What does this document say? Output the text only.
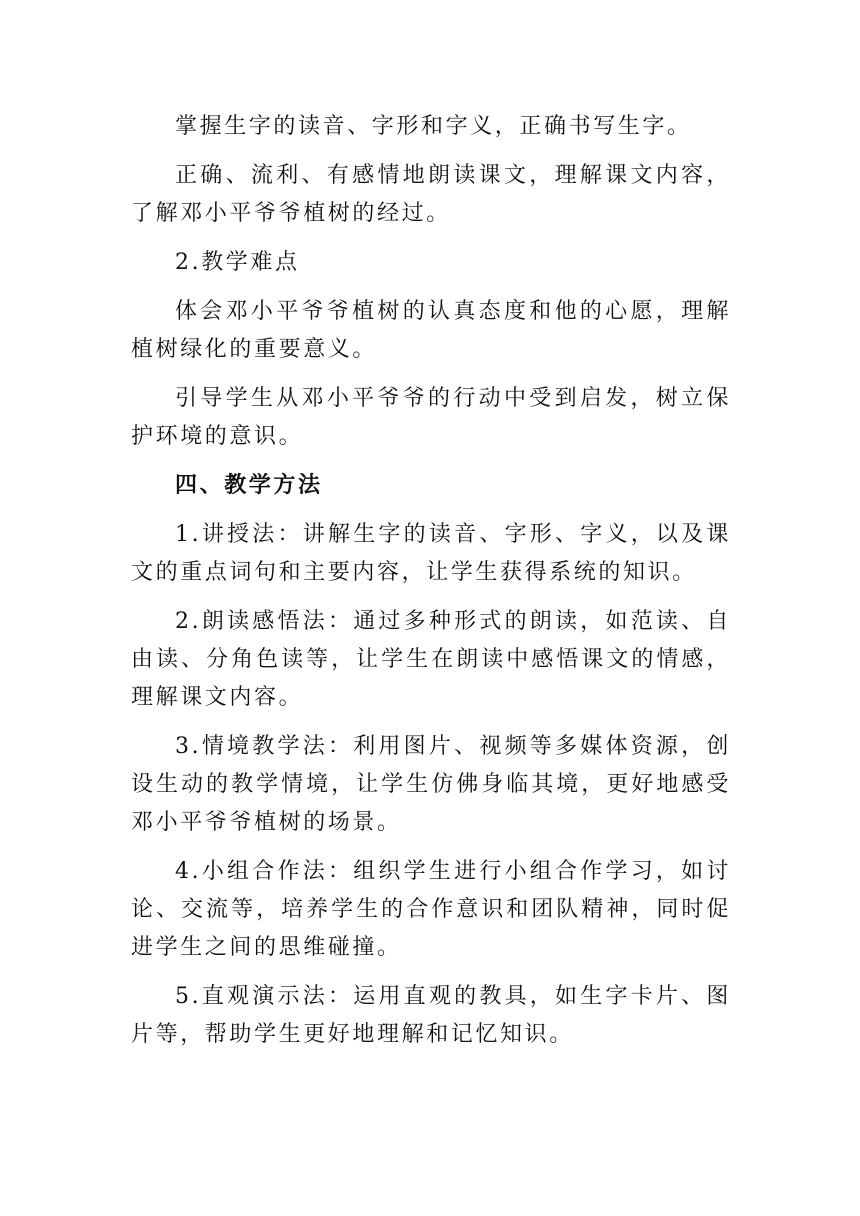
掌握生字的读音、字形和字义，正确书写生字。

正确、流利、有感情地朗读课文，理解课文内容，了解邓小平爷爷植树的经过。

2.教学难点

体会邓小平爷爷植树的认真态度和他的心愿，理解植树绿化的重要意义。

引导学生从邓小平爷爷的行动中受到启发，树立保护环境的意识。

四、教学方法

1.讲授法：讲解生字的读音、字形、字义，以及课文的重点词句和主要内容，让学生获得系统的知识。

2.朗读感悟法：通过多种形式的朗读，如范读、自由读、分角色读等，让学生在朗读中感悟课文的情感，理解课文内容。

3.情境教学法：利用图片、视频等多媒体资源，创设生动的教学情境，让学生仿佛身临其境，更好地感受邓小平爷爷植树的场景。

4.小组合作法：组织学生进行小组合作学习，如讨论、交流等，培养学生的合作意识和团队精神，同时促进学生之间的思维碰撞。

5.直观演示法：运用直观的教具，如生字卡片、图片等，帮助学生更好地理解和记忆知识。
